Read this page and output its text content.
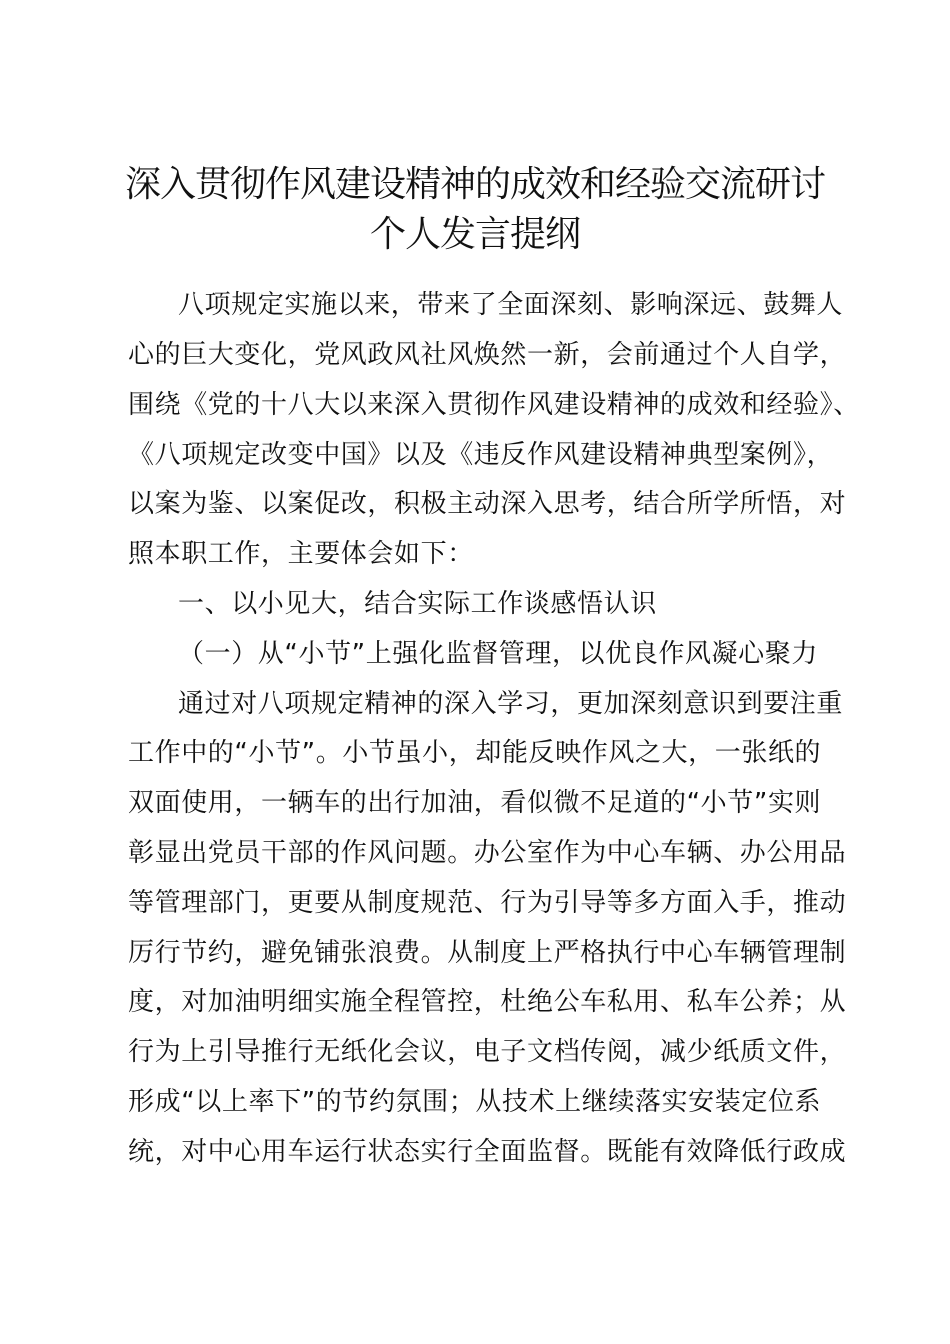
深入贯彻作风建设精神的成效和经验交流研讨
个人发言提纲
八项规定实施以来，带来了全面深刻、影响深远、鼓舞人
心的巨大变化，党风政风社风焕然一新，会前通过个人自学，
围绕《党的十八大以来深入贯彻作风建设精神的成效和经验》、
《八项规定改变中国》以及《违反作风建设精神典型案例》，
以案为鉴、以案促改，积极主动深入思考，结合所学所悟，对
照本职工作，主要体会如下：
一、以小见大，结合实际工作谈感悟认识
（一）从“小节”上强化监督管理，以优良作风凝心聚力
通过对八项规定精神的深入学习，更加深刻意识到要注重
工作中的“小节”。小节虽小，却能反映作风之大，一张纸的
双面使用，一辆车的出行加油，看似微不足道的“小节”实则
彰显出党员干部的作风问题。办公室作为中心车辆、办公用品
等管理部门，更要从制度规范、行为引导等多方面入手，推动
厉行节约，避免铺张浪费。从制度上严格执行中心车辆管理制
度，对加油明细实施全程管控，杜绝公车私用、私车公养；从
行为上引导推行无纸化会议，电子文档传阅，减少纸质文件，
形成“以上率下”的节约氛围；从技术上继续落实安装定位系
统，对中心用车运行状态实行全面监督。既能有效降低行政成
